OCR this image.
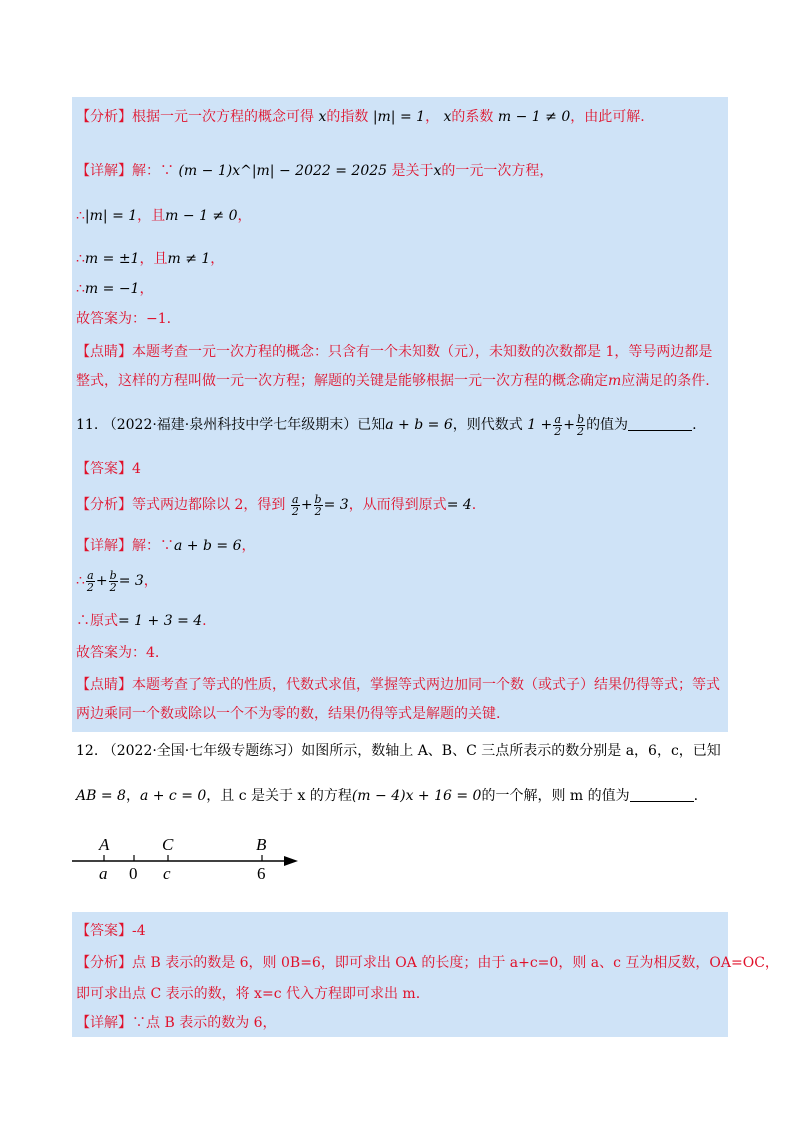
【分析】根据一元一次方程的概念可得 x的指数 |m| = 1， x的系数 m − 1 ≠ 0，由此可解.
【详解】解：∵ (m − 1)x^|m| − 2022 = 2025 是关于x的一元一次方程，
∴|m| = 1，且m − 1 ≠ 0，
∴m = ±1，且m ≠ 1，
∴m = −1，
故答案为：−1.
【点睛】本题考查一元一次方程的概念：只含有一个未知数（元），未知数的次数都是 1，等号两边都是
整式，这样的方程叫做一元一次方程；解题的关键是能够根据一元一次方程的概念确定m应满足的条件.
11. （2022·福建·泉州科技中学七年级期末）已知a + b = 6，则代数式 $1 + \frac{a}{2} + \frac{b}{2}$ 的值为	.
【答案】4
【分析】等式两边都除以 2，得到 $\frac{a}{2} + \frac{b}{2} = 3$，从而得到原式= 4.
【详解】解：∵a + b = 6，
∴ $\frac{a}{2} + \frac{b}{2} = 3$，
∴原式= 1 + 3 = 4.
故答案为：4.
【点睛】本题考查了等式的性质，代数式求值，掌握等式两边加同一个数（或式子）结果仍得等式；等式
两边乘同一个数或除以一个不为零的数，结果仍得等式是解题的关键.
12. （2022·全国·七年级专题练习）如图所示，数轴上 A、B、C 三点所表示的数分别是 a，6，c，已知
AB = 8，a + c = 0，且 c 是关于 x 的方程(m − 4)x + 16 = 0的一个解，则 m 的值为	.
A	C	B
a 0 c	6
【答案】-4
【分析】点 B 表示的数是 6，则 0B=6，即可求出 OA 的长度；由于 a+c=0，则 a、c 互为相反数，OA=OC，
即可求出点 C 表示的数，将 x=c 代入方程即可求出 m.
【详解】∵点 B 表示的数为 6，
